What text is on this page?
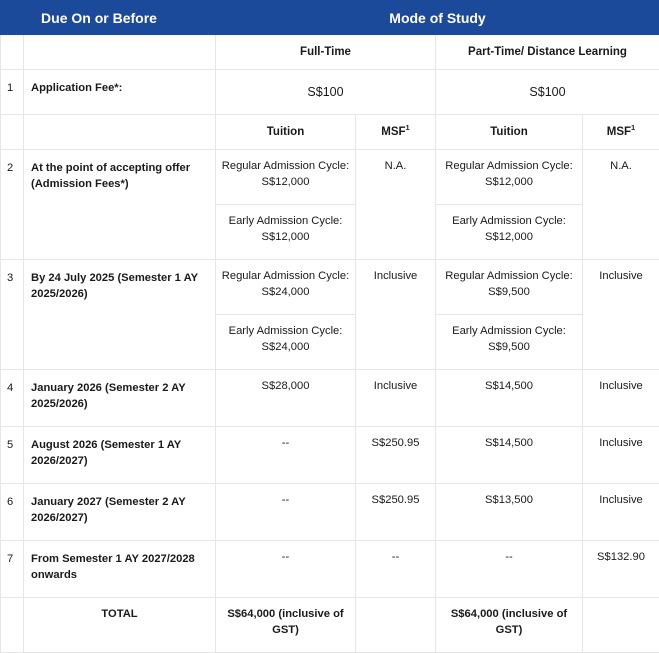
Due On or Before		Mode of Study			
		Full-Time		Part-Time/ Distance Learning	
1	Application Fee*:	S$100		S$100	
		Tuition	MSF$^1$	Tuition	MSF$^1$
2	At the point of accepting offer (Admission Fees*)	Regular Admission Cycle: S$12,000	N.A.	Regular Admission Cycle: S$12,000	N.A.
		Early Admission Cycle: S$12,000		Early Admission Cycle: S$12,000	
3	By 24 July 2025 (Semester 1 AY 2025/2026)	Regular Admission Cycle: S$24,000	Inclusive	Regular Admission Cycle: S$9,500	Inclusive
		Early Admission Cycle: S$24,000		Early Admission Cycle: S$9,500	
4	January 2026 (Semester 2 AY 2025/2026)	S$28,000	Inclusive	S$14,500	Inclusive
5	August 2026 (Semester 1 AY 2026/2027)	--	S$250.95	S$14,500	Inclusive
6	January 2027 (Semester 2 AY 2026/2027)	--	S$250.95	S$13,500	Inclusive
7	From Semester 1 AY 2027/2028 onwards	--	--	--	S$132.90
	TOTAL	S$64,000 (inclusive of GST)		S$64,000 (inclusive of GST)	
